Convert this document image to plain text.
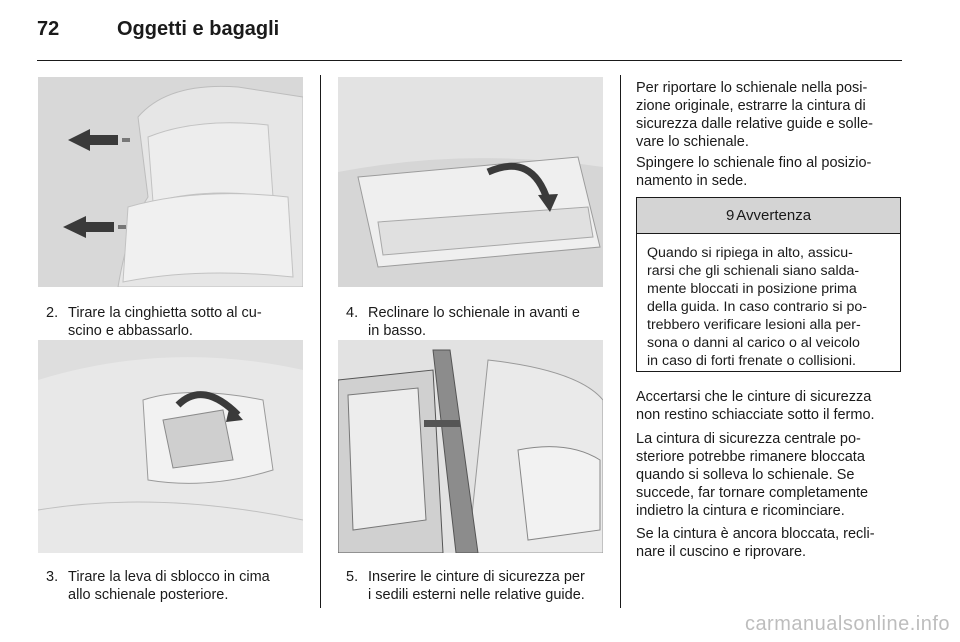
72	Oggetti e bagagli
2. Tirare la cinghietta sotto al cu-
scino e abbassarlo.
3. Tirare la leva di sblocco in cima
allo schienale posteriore.
4. Reclinare lo schienale in avanti e
in basso.
5. Inserire le cinture di sicurezza per
i sedili esterni nelle relative guide.
Per riportare lo schienale nella posi-
zione originale, estrarre la cintura di
sicurezza dalle relative guide e solle-
vare lo schienale.
Spingere lo schienale fino al posizio-
namento in sede.
9 Avvertenza
Quando si ripiega in alto, assicu-
rarsi che gli schienali siano salda-
mente bloccati in posizione prima
della guida. In caso contrario si po-
trebbero verificare lesioni alla per-
sona o danni al carico o al veicolo
in caso di forti frenate o collisioni.
Accertarsi che le cinture di sicurezza
non restino schiacciate sotto il fermo.
La cintura di sicurezza centrale po-
steriore potrebbe rimanere bloccata
quando si solleva lo schienale. Se
succede, far tornare completamente
indietro la cintura e ricominciare.
Se la cintura è ancora bloccata, recli-
nare il cuscino e riprovare.
carmanualsonline.info
